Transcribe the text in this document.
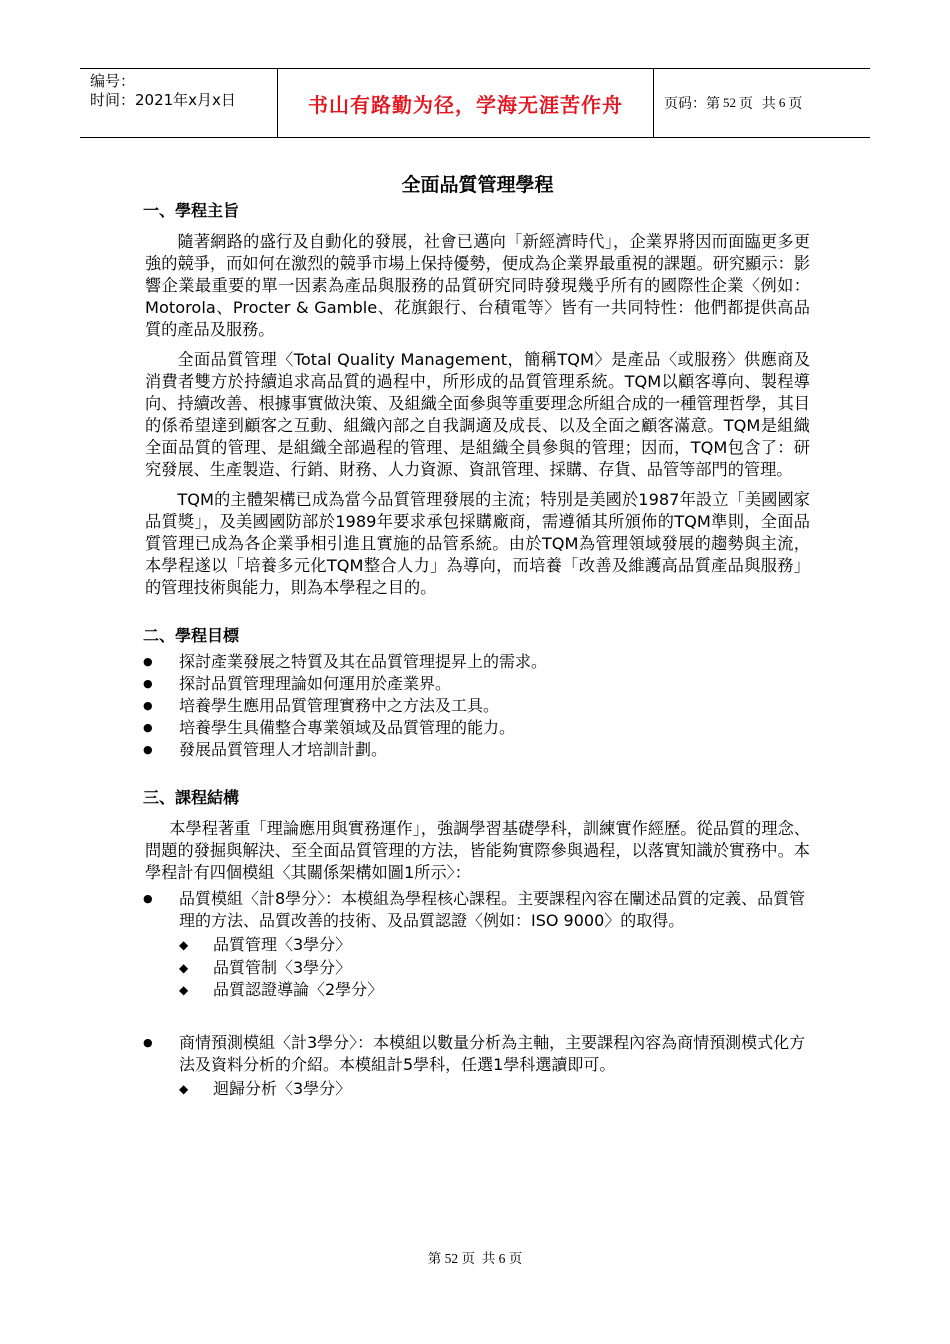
编号：
时间：2021年x月x日	书山有路勤为径，学海无涯苦作舟	页码：第 52 页  共 6 页
全面品質管理學程
一、學程主旨

隨著網路的盛行及自動化的發展，社會已邁向「新經濟時代」，企業界將因而面臨更多更強的競爭，而如何在激烈的競爭市場上保持優勢，便成為企業界最重視的課題。研究顯示：影響企業最重要的單一因素為產品與服務的品質研究同時發現幾乎所有的國際性企業〈例如：Motorola、Procter & Gamble、花旗銀行、台積電等〉皆有一共同特性：他們都提供高品質的產品及服務。

全面品質管理〈Total Quality Management，簡稱TQM〉是產品〈或服務〉供應商及消費者雙方於持續追求高品質的過程中，所形成的品質管理系統。TQM以顧客導向、製程導向、持續改善、根據事實做決策、及組織全面參與等重要理念所組合成的一種管理哲學，其目的係希望達到顧客之互動、組織內部之自我調適及成長、以及全面之顧客滿意。TQM是組織全面品質的管理、是組織全部過程的管理、是組織全員參與的管理；因而，TQM包含了：研究發展、生產製造、行銷、財務、人力資源、資訊管理、採購、存貨、品管等部門的管理。

TQM的主體架構已成為當今品質管理發展的主流；特別是美國於1987年設立「美國國家品質獎」，及美國國防部於1989年要求承包採購廠商，需遵循其所頒佈的TQM準則，全面品質管理已成為各企業爭相引進且實施的品管系統。由於TQM為管理領域發展的趨勢與主流，本學程遂以「培養多元化TQM整合人力」為導向，而培養「改善及維護高品質產品與服務」的管理技術與能力，則為本學程之目的。

二、學程目標
● 探討產業發展之特質及其在品質管理提昇上的需求。
● 探討品質管理理論如何運用於產業界。
● 培養學生應用品質管理實務中之方法及工具。
● 培養學生具備整合專業領域及品質管理的能力。
● 發展品質管理人才培訓計劃。
三、課程結構

本學程著重「理論應用與實務運作」，強調學習基礎學科，訓練實作經歷。從品質的理念、問題的發掘與解決、至全面品質管理的方法，皆能夠實際參與過程，以落實知識於實務中。本學程計有四個模組〈其關係架構如圖1所示〉：

● 品質模組〈計8學分〉：本模組為學程核心課程。主要課程內容在闡述品質的定義、品質管理的方法、品質改善的技術、及品質認證〈例如：ISO 9000〉的取得。
◆ 品質管理〈3學分〉
◆ 品質管制〈3學分〉
◆ 品質認證導論〈2學分〉
● 商情預測模組〈計3學分〉：本模組以數量分析為主軸，主要課程內容為商情預測模式化方法及資料分析的介紹。本模組計5學科，任選1學科選讀即可。
◆ 迴歸分析〈3學分〉
第 52 页  共 6 页
